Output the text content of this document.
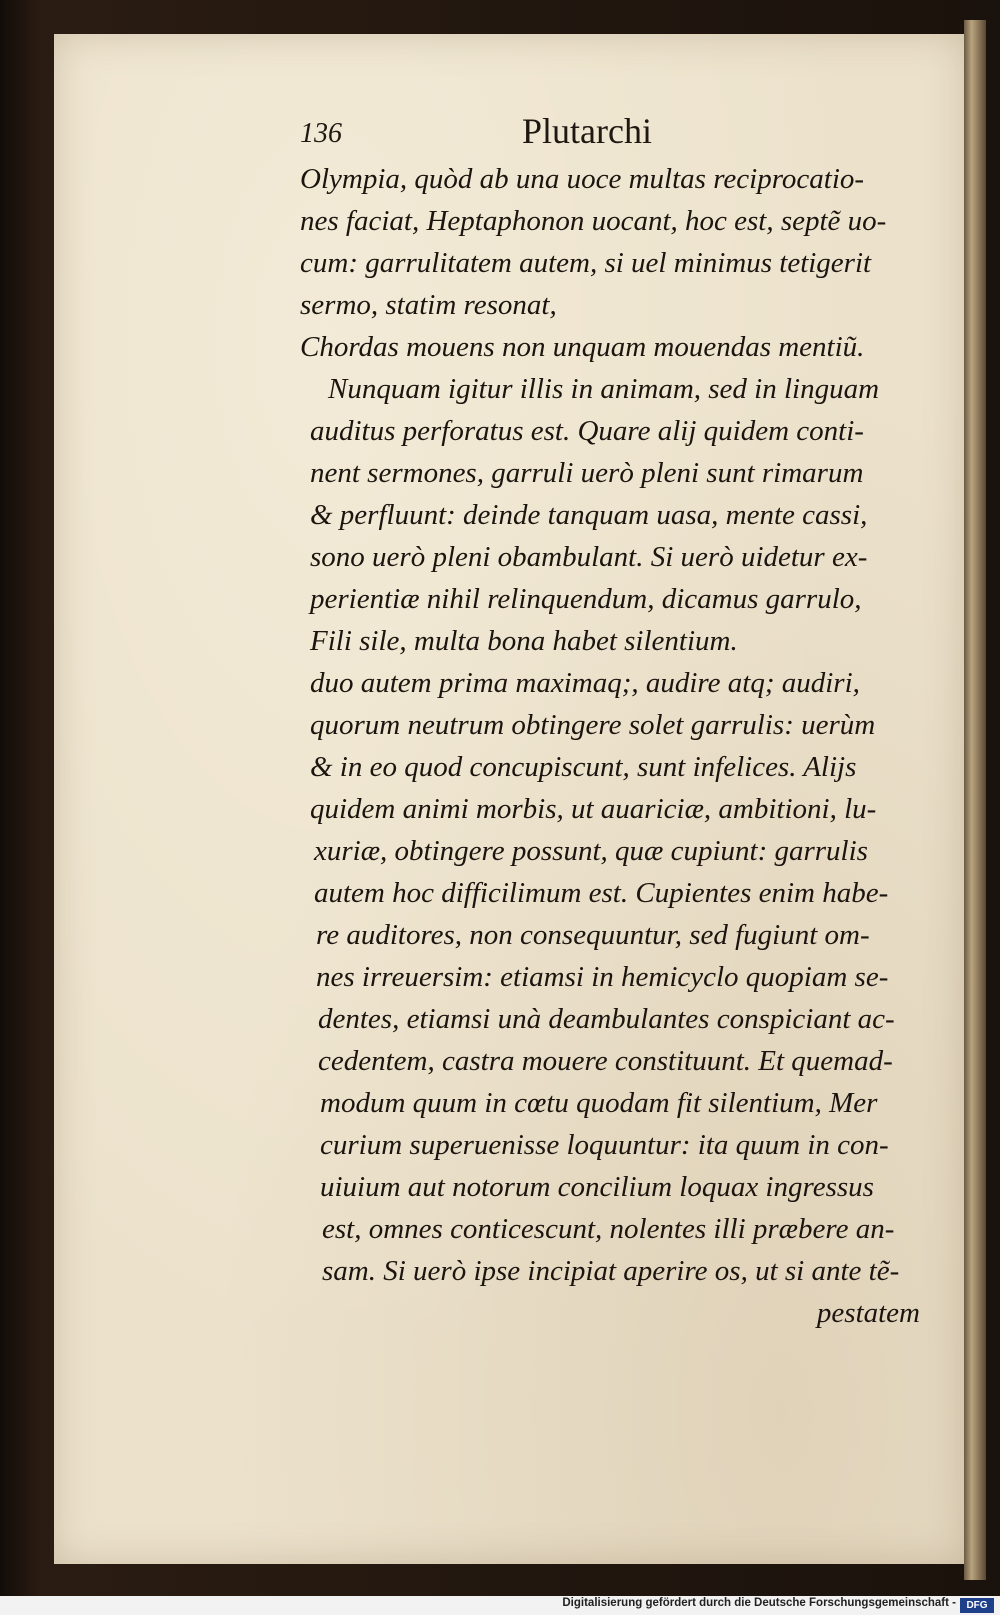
136	Plutarchi
Olympia, quòd ab una uoce multas reciprocatio-
nes faciat, Heptaphonon uocant, hoc est, septẽ uo-
cum: garrulitatem autem, si uel minimus tetigerit
sermo, statim resonat,
Chordas mouens non unquam mouendas mentiũ.
Nunquam igitur illis in animam, sed in linguam
auditus perforatus est. Quare alij quidem conti-
nent sermones, garruli uerò pleni sunt rimarum
& perfluunt: deinde tanquam uasa, mente cassi,
sono uerò pleni obambulant. Si uerò uidetur ex-
perientiæ nihil relinquendum, dicamus garrulo,
Fili sile, multa bona habet silentium.
duo autem prima maximaq;, audire atq; audiri,
quorum neutrum obtingere solet garrulis: uerùm
& in eo quod concupiscunt, sunt infelices. Alijs
quidem animi morbis, ut auariciæ, ambitioni, lu-
xuriæ, obtingere possunt, quæ cupiunt: garrulis
autem hoc difficilimum est. Cupientes enim habe-
re auditores, non consequuntur, sed fugiunt om-
nes irreuersim: etiamsi in hemicyclo quopiam se-
dentes, etiamsi unà deambulantes conspiciant ac-
cedentem, castra mouere constituunt. Et quemad-
modum quum in cœtu quodam fit silentium, Mer
curium superuenisse loquuntur: ita quum in con-
uiuium aut notorum concilium loquax ingressus
est, omnes conticescunt, nolentes illi præbere an-
sam. Si uerò ipse incipiat aperire os, ut si ante tẽ-
pestatem
Digitalisierung gefördert durch die Deutsche Forschungsgemeinschaft -	DFG
